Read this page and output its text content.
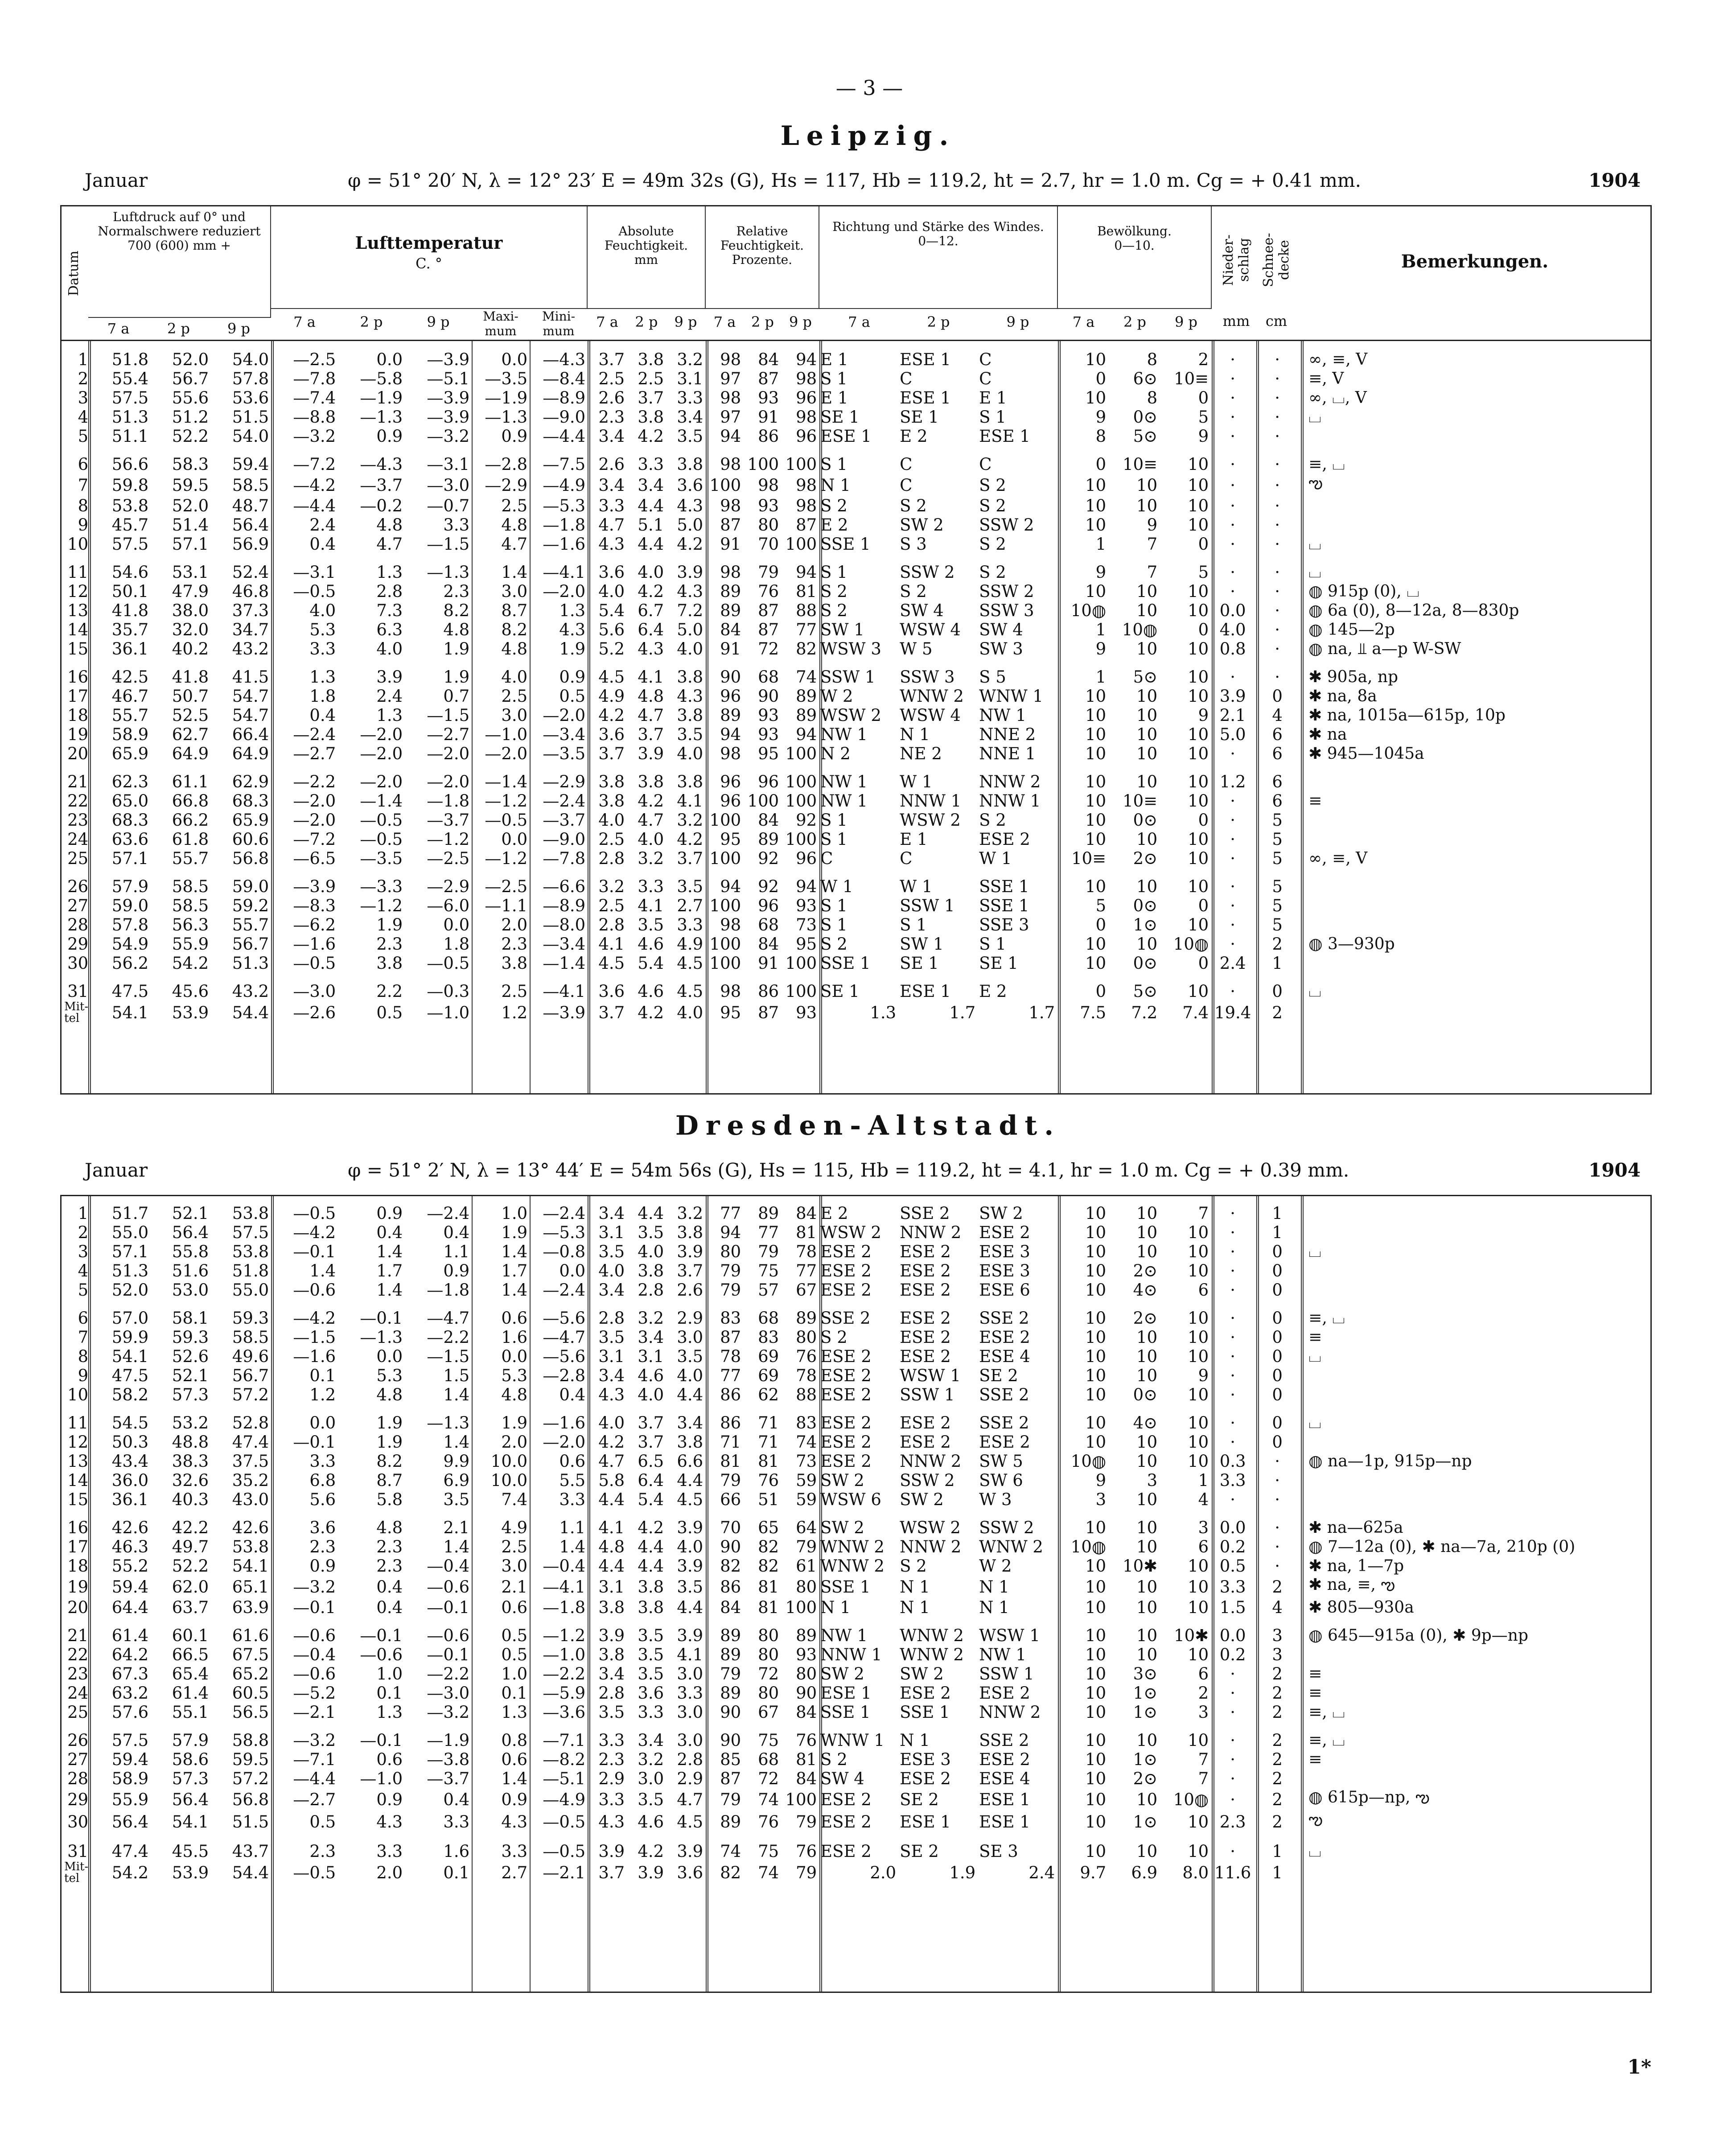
— 3 —
Leipzig.
Januar	φ = 51° 20′ N, λ = 12° 23′ E = 49m 32s (G), Hs = 117, Hb = 119.2, ht = 2.7, hr = 1.0 m. Cg = + 0.41 mm.	1904
Datum
Luftdruck auf 0° und Normalschwere reduziert 700 (600) mm +	Lufttemperatur
C. °
Absolute Feuchtigkeit.
mm
Relative Feuchtigkeit.
Prozente.
Richtung und Stärke des Windes.
0—12.
Bewölkung.
0—10.	Nieder-schlag Schnee-decke
mm	cm
Bemerkungen.
7 a	2 p	9 p	7 a	2 p	9 p	Maxi-mum
Mini-mum
7 a	2 p	9 p	7 a	2 p	9 p	7 a	2 p	9 p	7 a	2 p	9 p
1	51.8	52.0	54.0	—2.5	0.0	—3.9	0.0	—4.3	3.7	3.8	3.2	98	84	94	E 1	ESE 1	C	10	8	2	·	·	∞, ≡, V
2	55.4	56.7	57.8	—7.8	—5.8	—5.1	—3.5	—8.4	2.5	2.5	3.1	97	87	98	S 1	C	C	0	6⊙	10≡	·	·	≡, V
3	57.5	55.6	53.6	—7.4	—1.9	—3.9	—1.9	—8.9	2.6	3.7	3.3	98	93	96	E 1	ESE 1	E 1	10	8	0	·	·	∞, ⌴, V
4	51.3	51.2	51.5	—8.8	—1.3	—3.9	—1.3	—9.0	2.3	3.8	3.4	97	91	98	SE 1	SE 1	S 1	9	0⊙	5	·	·	⌴
5	51.1	52.2	54.0	—3.2	0.9	—3.2	0.9	—4.4	3.4	4.2	3.5	94	86	96	ESE 1	E 2	ESE 1	8	5⊙	9	·	·	

6	56.6	58.3	59.4	—7.2	—4.3	—3.1	—2.8	—7.5	2.6	3.3	3.8	98	100	100	S 1	C	C	0	10≡	10	·	·	≡, ⌴
7	59.8	59.5	58.5	—4.2	—3.7	—3.0	—2.9	—4.9	3.4	3.4	3.6	100	98	98	N 1	C	S 2	10	10	10	·	·	ఌ
8	53.8	52.0	48.7	—4.4	—0.2	—0.7	2.5	—5.3	3.3	4.4	4.3	98	93	98	S 2	S 2	S 2	10	10	10	·	·	
9	45.7	51.4	56.4	2.4	4.8	3.3	4.8	—1.8	4.7	5.1	5.0	87	80	87	E 2	SW 2	SSW 2	10	9	10	·	·	
10	57.5	57.1	56.9	0.4	4.7	—1.5	4.7	—1.6	4.3	4.4	4.2	91	70	100	SSE 1	S 3	S 2	1	7	0	·	·	⌴

11	54.6	53.1	52.4	—3.1	1.3	—1.3	1.4	—4.1	3.6	4.0	3.9	98	79	94	S 1	SSW 2	S 2	9	7	5	·	·	⌴
12	50.1	47.9	46.8	—0.5	2.8	2.3	3.0	—2.0	4.0	4.2	4.3	89	76	81	S 2	S 2	SSW 2	10	10	10	·	·	◍ 915p (0), ⌴
13	41.8	38.0	37.3	4.0	7.3	8.2	8.7	1.3	5.4	6.7	7.2	89	87	88	S 2	SW 4	SSW 3	10◍	10	10	0.0	·	◍ 6a (0), 8—12a, 8—830p
14	35.7	32.0	34.7	5.3	6.3	4.8	8.2	4.3	5.6	6.4	5.0	84	87	77	SW 1	WSW 4	SW 4	1	10◍	0	4.0	·	◍ 145—2p
15	36.1	40.2	43.2	3.3	4.0	1.9	4.8	1.9	5.2	4.3	4.0	91	72	82	WSW 3	W 5	SW 3	9	10	10	0.8	·	◍ na, ⫫ a—p W-SW

16	42.5	41.8	41.5	1.3	3.9	1.9	4.0	0.9	4.5	4.1	3.8	90	68	74	SSW 1	SSW 3	S 5	1	5⊙	10	·	·	✱ 905a, np
17	46.7	50.7	54.7	1.8	2.4	0.7	2.5	0.5	4.9	4.8	4.3	96	90	89	W 2	WNW 2	WNW 1	10	10	10	3.9	0	✱ na, 8a
18	55.7	52.5	54.7	0.4	1.3	—1.5	3.0	—2.0	4.2	4.7	3.8	89	93	89	WSW 2	WSW 4	NW 1	10	10	9	2.1	4	✱ na, 1015a—615p, 10p
19	58.9	62.7	66.4	—2.4	—2.0	—2.7	—1.0	—3.4	3.6	3.7	3.5	94	93	94	NW 1	N 1	NNE 2	10	10	10	5.0	6	✱ na
20	65.9	64.9	64.9	—2.7	—2.0	—2.0	—2.0	—3.5	3.7	3.9	4.0	98	95	100	N 2	NE 2	NNE 1	10	10	10	·	6	✱ 945—1045a

21	62.3	61.1	62.9	—2.2	—2.0	—2.0	—1.4	—2.9	3.8	3.8	3.8	96	96	100	NW 1	W 1	NNW 2	10	10	10	1.2	6	
22	65.0	66.8	68.3	—2.0	—1.4	—1.8	—1.2	—2.4	3.8	4.2	4.1	96	100	100	NW 1	NNW 1	NNW 1	10	10≡	10	·	6	≡
23	68.3	66.2	65.9	—2.0	—0.5	—3.7	—0.5	—3.7	4.0	4.7	3.2	100	84	92	S 1	WSW 2	S 2	10	0⊙	0	·	5	
24	63.6	61.8	60.6	—7.2	—0.5	—1.2	0.0	—9.0	2.5	4.0	4.2	95	89	100	S 1	E 1	ESE 2	10	10	10	·	5	
25	57.1	55.7	56.8	—6.5	—3.5	—2.5	—1.2	—7.8	2.8	3.2	3.7	100	92	96	C	C	W 1	10≡	2⊙	10	·	5	∞, ≡, V

26	57.9	58.5	59.0	—3.9	—3.3	—2.9	—2.5	—6.6	3.2	3.3	3.5	94	92	94	W 1	W 1	SSE 1	10	10	10	·	5	
27	59.0	58.5	59.2	—8.3	—1.2	—6.0	—1.1	—8.9	2.5	4.1	2.7	100	96	93	S 1	SSW 1	SSE 1	5	0⊙	0	·	5	
28	57.8	56.3	55.7	—6.2	1.9	0.0	2.0	—8.0	2.8	3.5	3.3	98	68	73	S 1	S 1	SSE 3	0	1⊙	10	·	5	
29	54.9	55.9	56.7	—1.6	2.3	1.8	2.3	—3.4	4.1	4.6	4.9	100	84	95	S 2	SW 1	S 1	10	10	10◍	·	2	◍ 3—930p
30	56.2	54.2	51.3	—0.5	3.8	—0.5	3.8	—1.4	4.5	5.4	4.5	100	91	100	SSE 1	SE 1	SE 1	10	0⊙	0	2.4	1	

31	47.5	45.6	43.2	—3.0	2.2	—0.3	2.5	—4.1	3.6	4.6	4.5	98	86	100	SE 1	ESE 1	E 2	0	5⊙	10	·	0	⌴
Mit-tel	54.1	53.9	54.4	—2.6	0.5	—1.0	1.2	—3.9	3.7	4.2	4.0	95	87	93	1.3	1.7	1.7	7.5	7.2	7.4	19.4	2	
Dresden-Altstadt.
Januar	φ = 51° 2′ N, λ = 13° 44′ E = 54m 56s (G), Hs = 115, Hb = 119.2, ht = 4.1, hr = 1.0 m. Cg = + 0.39 mm.	1904
1	51.7	52.1	53.8	—0.5	0.9	—2.4	1.0	—2.4	3.4	4.4	3.2	77	89	84	E 2	SSE 2	SW 2	10	10	7	·	1	
2	55.0	56.4	57.5	—4.2	0.4	0.4	1.9	—5.3	3.1	3.5	3.8	94	77	81	WSW 2	NNW 2	ESE 2	10	10	10	·	1	
3	57.1	55.8	53.8	—0.1	1.4	1.1	1.4	—0.8	3.5	4.0	3.9	80	79	78	ESE 2	ESE 2	ESE 3	10	10	10	·	0	⌴
4	51.3	51.6	51.8	1.4	1.7	0.9	1.7	0.0	4.0	3.8	3.7	79	75	77	ESE 2	ESE 2	ESE 3	10	2⊙	10	·	0	
5	52.0	53.0	55.0	—0.6	1.4	—1.8	1.4	—2.4	3.4	2.8	2.6	79	57	67	ESE 2	ESE 2	ESE 6	10	4⊙	6	·	0	

6	57.0	58.1	59.3	—4.2	—0.1	—4.7	0.6	—5.6	2.8	3.2	2.9	83	68	89	SSE 2	ESE 2	SSE 2	10	2⊙	10	·	0	≡, ⌴
7	59.9	59.3	58.5	—1.5	—1.3	—2.2	1.6	—4.7	3.5	3.4	3.0	87	83	80	S 2	ESE 2	ESE 2	10	10	10	·	0	≡
8	54.1	52.6	49.6	—1.6	0.0	—1.5	0.0	—5.6	3.1	3.1	3.5	78	69	76	ESE 2	ESE 2	ESE 4	10	10	10	·	0	⌴
9	47.5	52.1	56.7	0.1	5.3	1.5	5.3	—2.8	3.4	4.6	4.0	77	69	78	ESE 2	WSW 1	SE 2	10	10	9	·	0	
10	58.2	57.3	57.2	1.2	4.8	1.4	4.8	0.4	4.3	4.0	4.4	86	62	88	ESE 2	SSW 1	SSE 2	10	0⊙	10	·	0	

11	54.5	53.2	52.8	0.0	1.9	—1.3	1.9	—1.6	4.0	3.7	3.4	86	71	83	ESE 2	ESE 2	SSE 2	10	4⊙	10	·	0	⌴
12	50.3	48.8	47.4	—0.1	1.9	1.4	2.0	—2.0	4.2	3.7	3.8	71	71	74	ESE 2	ESE 2	ESE 2	10	10	10	·	0	
13	43.4	38.3	37.5	3.3	8.2	9.9	10.0	0.6	4.7	6.5	6.6	81	81	73	ESE 2	NNW 2	SW 5	10◍	10	10	0.3	·	◍ na—1p, 915p—np
14	36.0	32.6	35.2	6.8	8.7	6.9	10.0	5.5	5.8	6.4	4.4	79	76	59	SW 2	SSW 2	SW 6	9	3	1	3.3	·	
15	36.1	40.3	43.0	5.6	5.8	3.5	7.4	3.3	4.4	5.4	4.5	66	51	59	WSW 6	SW 2	W 3	3	10	4	·	·	

16	42.6	42.2	42.6	3.6	4.8	2.1	4.9	1.1	4.1	4.2	3.9	70	65	64	SW 2	WSW 2	SSW 2	10	10	3	0.0	·	✱ na—625a
17	46.3	49.7	53.8	2.3	2.3	1.4	2.5	1.4	4.8	4.4	4.0	90	82	79	WNW 2	NNW 2	WNW 2	10◍	10	6	0.2	·	◍ 7—12a (0), ✱ na—7a, 210p (0)
18	55.2	52.2	54.1	0.9	2.3	—0.4	3.0	—0.4	4.4	4.4	3.9	82	82	61	WNW 2	S 2	W 2	10	10✱	10	0.5	·	✱ na, 1—7p
19	59.4	62.0	65.1	—3.2	0.4	—0.6	2.1	—4.1	3.1	3.8	3.5	86	81	80	SSE 1	N 1	N 1	10	10	10	3.3	2	✱ na, ≡, ఌ
20	64.4	63.7	63.9	—0.1	0.4	—0.1	0.6	—1.8	3.8	3.8	4.4	84	81	100	N 1	N 1	N 1	10	10	10	1.5	4	✱ 805—930a

21	61.4	60.1	61.6	—0.6	—0.1	—0.6	0.5	—1.2	3.9	3.5	3.9	89	80	89	NW 1	WNW 2	WSW 1	10	10	10✱	0.0	3	◍ 645—915a (0), ✱ 9p—np
22	64.2	66.5	67.5	—0.4	—0.6	—0.1	0.5	—1.0	3.8	3.5	4.1	89	80	93	NNW 1	WNW 2	NW 1	10	10	10	0.2	3	
23	67.3	65.4	65.2	—0.6	1.0	—2.2	1.0	—2.2	3.4	3.5	3.0	79	72	80	SW 2	SW 2	SSW 1	10	3⊙	6	·	2	≡
24	63.2	61.4	60.5	—5.2	0.1	—3.0	0.1	—5.9	2.8	3.6	3.3	89	80	90	ESE 1	ESE 2	ESE 2	10	1⊙	2	·	2	≡
25	57.6	55.1	56.5	—2.1	1.3	—3.2	1.3	—3.6	3.5	3.3	3.0	90	67	84	SSE 1	SSE 1	NNW 2	10	1⊙	3	·	2	≡, ⌴

26	57.5	57.9	58.8	—3.2	—0.1	—1.9	0.8	—7.1	3.3	3.4	3.0	90	75	76	WNW 1	N 1	SSE 2	10	10	10	·	2	≡, ⌴
27	59.4	58.6	59.5	—7.1	0.6	—3.8	0.6	—8.2	2.3	3.2	2.8	85	68	81	S 2	ESE 3	ESE 2	10	1⊙	7	·	2	≡
28	58.9	57.3	57.2	—4.4	—1.0	—3.7	1.4	—5.1	2.9	3.0	2.9	87	72	84	SW 4	ESE 2	ESE 4	10	2⊙	7	·	2	
29	55.9	56.4	56.8	—2.7	0.9	0.4	0.9	—4.9	3.3	3.5	4.7	79	74	100	ESE 2	SE 2	ESE 1	10	10	10◍	·	2	◍ 615p—np, ఌ
30	56.4	54.1	51.5	0.5	4.3	3.3	4.3	—0.5	4.3	4.6	4.5	89	76	79	ESE 2	ESE 1	ESE 1	10	1⊙	10	2.3	2	ఌ

31	47.4	45.5	43.7	2.3	3.3	1.6	3.3	—0.5	3.9	4.2	3.9	74	75	76	ESE 2	SE 2	SE 3	10	10	10	·	1	⌴
Mit-tel	54.2	53.9	54.4	—0.5	2.0	0.1	2.7	—2.1	3.7	3.9	3.6	82	74	79	2.0	1.9	2.4	9.7	6.9	8.0	11.6	1	
1*
